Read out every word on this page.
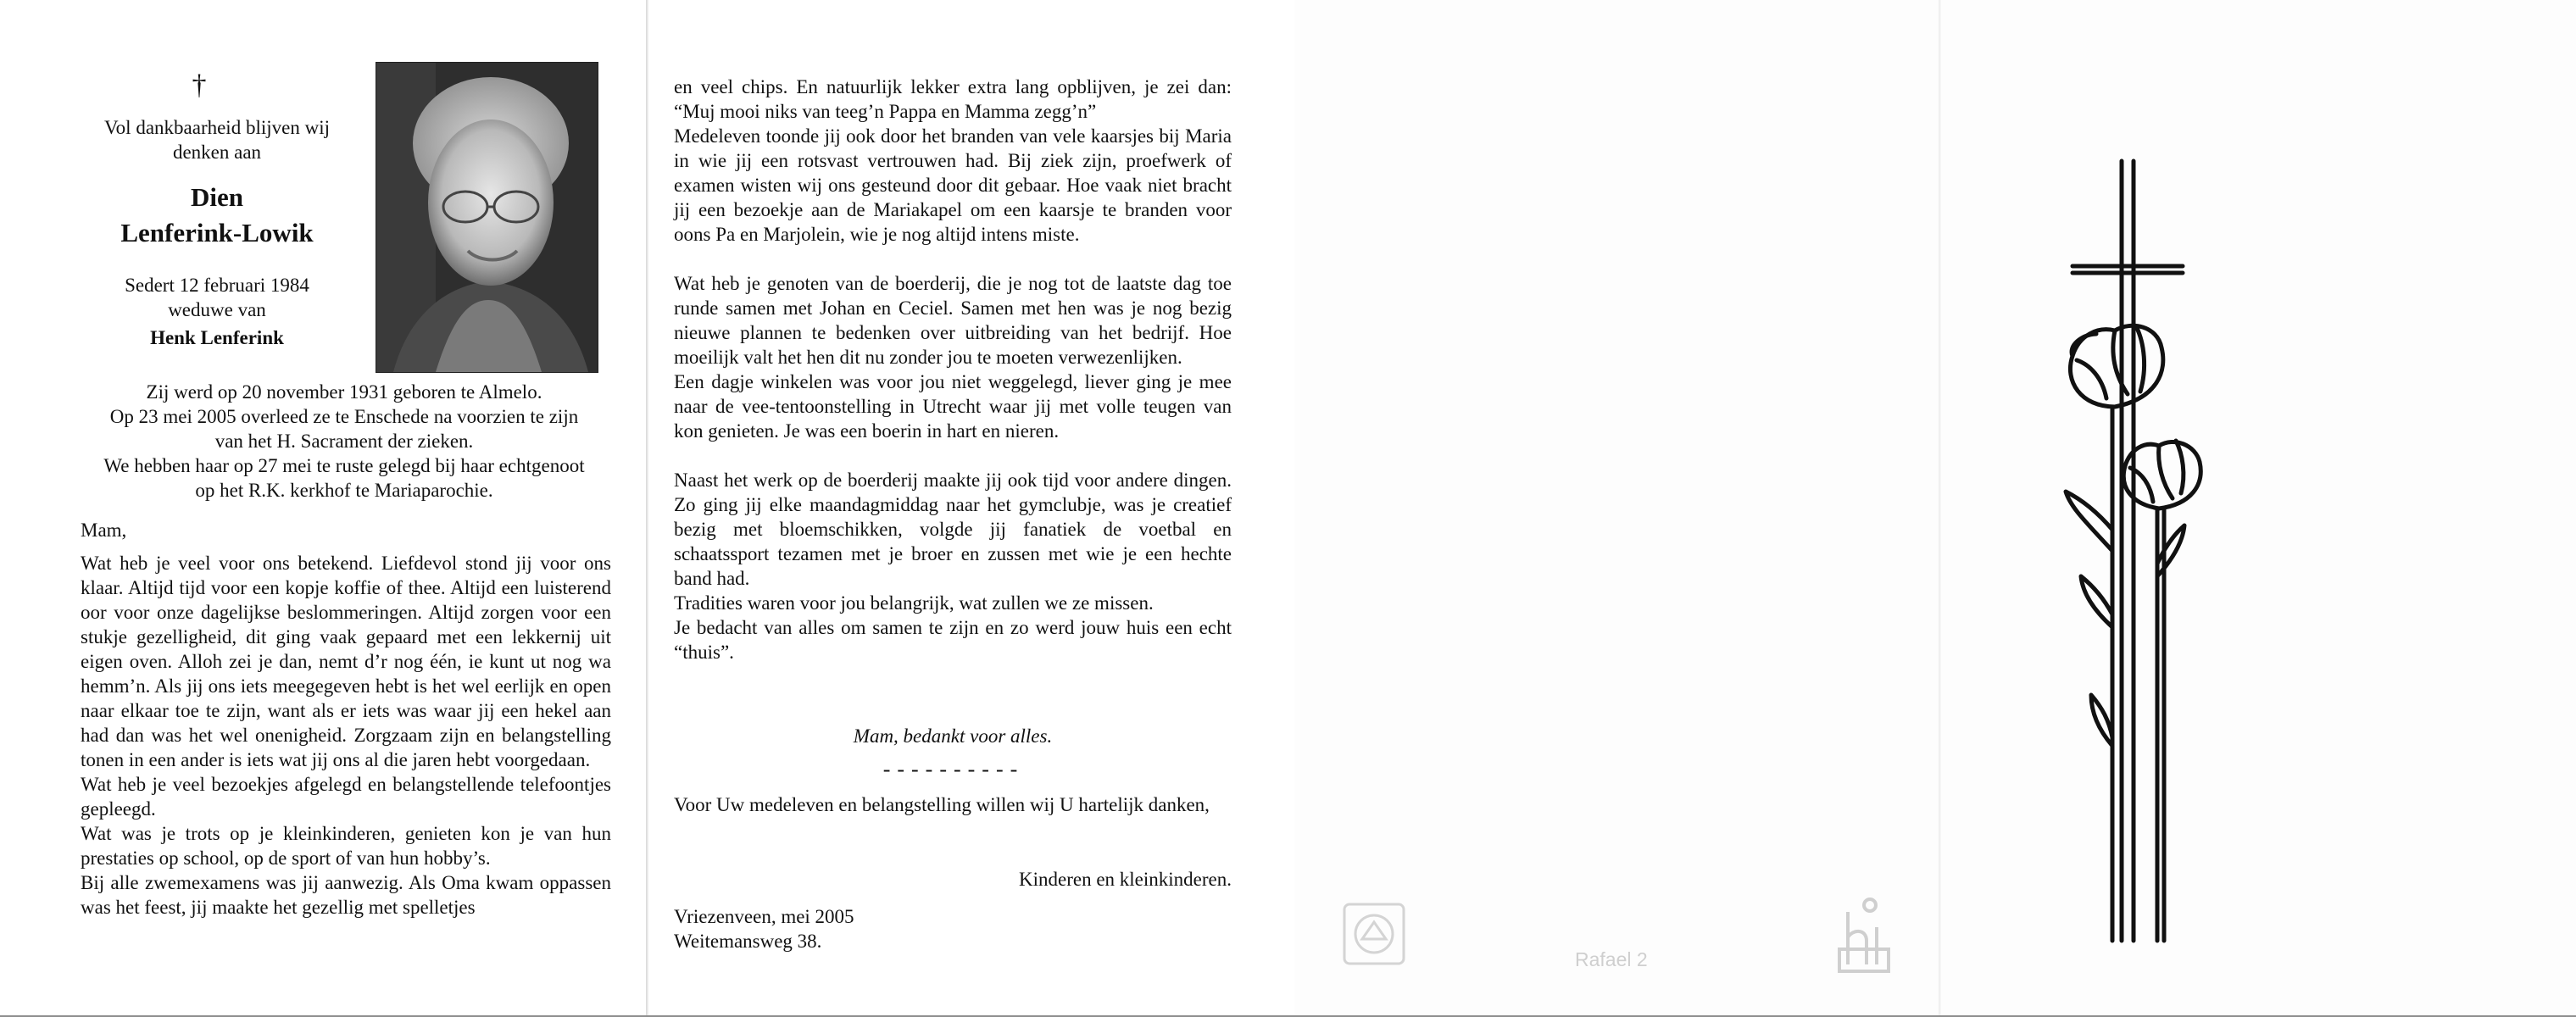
†
Vol dankbaarheid blijven wij
denken aan
Dien
Lenferink-Lowik
Sedert 12 februari 1984
weduwe van
Henk Lenferink
Zij werd op 20 november 1931 geboren te Almelo.
Op 23 mei 2005 overleed ze te Enschede na voorzien te zijn
van het H. Sacrament der zieken.
We hebben haar op 27 mei te ruste gelegd bij haar echtgenoot
op het R.K. kerkhof te Mariaparochie.
Mam,

Wat heb je veel voor ons betekend. Liefdevol stond jij voor ons klaar. Altijd tijd voor een kopje koffie of thee. Altijd een luisterend oor voor onze dagelijkse beslommeringen. Altijd zorgen voor een stukje gezelligheid, dit ging vaak gepaard met een lekkernij uit eigen oven. Alloh zei je dan, nemt d’r nog één, ie kunt ut nog wa hemm’n. Als jij ons iets meegegeven hebt is het wel eerlijk en open naar elkaar toe te zijn, want als er iets was waar jij een hekel aan had dan was het wel onenigheid. Zorgzaam zijn en belangstelling tonen in een ander is iets wat jij ons al die jaren hebt voorgedaan.

Wat heb je veel bezoekjes afgelegd en belangstellende telefoontjes gepleegd.

Wat was je trots op je kleinkinderen, genieten kon je van hun prestaties op school, op de sport of van hun hobby’s.

Bij alle zwemexamens was jij aanwezig. Als Oma kwam oppassen was het feest, jij maakte het gezellig met spelletjes

en veel chips. En natuurlijk lekker extra lang opblijven, je zei dan: “Muj mooi niks van teeg’n Pappa en Mamma zegg’n”

Medeleven toonde jij ook door het branden van vele kaarsjes bij Maria in wie jij een rotsvast vertrouwen had. Bij ziek zijn, proefwerk of examen wisten wij ons gesteund door dit gebaar. Hoe vaak niet bracht jij een bezoekje aan de Mariakapel om een kaarsje te branden voor oons Pa en Marjolein, wie je nog altijd intens miste.

Wat heb je genoten van de boerderij, die je nog tot de laatste dag toe runde samen met Johan en Ceciel. Samen met hen was je nog bezig nieuwe plannen te bedenken over uitbreiding van het bedrijf. Hoe moeilijk valt het hen dit nu zonder jou te moeten verwezenlijken.

Een dagje winkelen was voor jou niet weggelegd, liever ging je mee naar de vee-tentoonstelling in Utrecht waar jij met volle teugen van kon genieten. Je was een boerin in hart en nieren.

Naast het werk op de boerderij maakte jij ook tijd voor andere dingen. Zo ging jij elke maandagmiddag naar het gymclubje, was je creatief bezig met bloemschikken, volgde jij fanatiek de voetbal en schaatssport tezamen met je broer en zussen met wie je een hechte band had.

Tradities waren voor jou belangrijk, wat zullen we ze missen.

Je bedacht van alles om samen te zijn en zo werd jouw huis een echt “thuis”.

Mam, bedankt voor alles.
----------
Voor Uw medeleven en belangstelling willen wij U hartelijk danken,
Kinderen en kleinkinderen.
Vriezenveen, mei 2005
Weitemansweg 38.
Rafael 2
